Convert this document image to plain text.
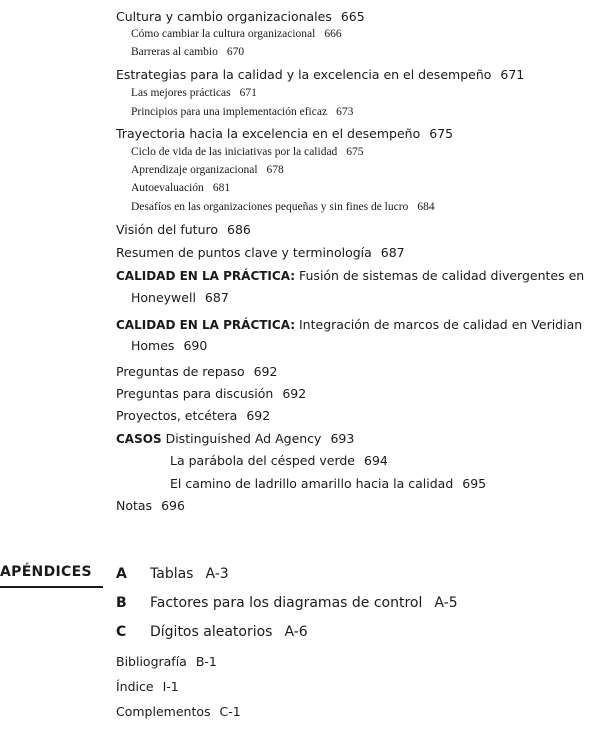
Cultura y cambio organizacionales 665
Cómo cambiar la cultura organizacional 666
Barreras al cambio 670
Estrategias para la calidad y la excelencia en el desempeño 671
Las mejores prácticas 671
Principios para una implementación eficaz 673
Trayectoria hacia la excelencia en el desempeño 675
Ciclo de vida de las iniciativas por la calidad 675
Aprendizaje organizacional 678
Autoevaluación 681
Desafíos en las organizaciones pequeñas y sin fines de lucro 684
Visión del futuro 686
Resumen de puntos clave y terminología 687
CALIDAD EN LA PRÁCTICA: Fusión de sistemas de calidad divergentes en
Honeywell 687
CALIDAD EN LA PRÁCTICA: Integración de marcos de calidad en Veridian
Homes 690
Preguntas de repaso 692
Preguntas para discusión 692
Proyectos, etcétera 692
CASOS Distinguished Ad Agency 693
La parábola del césped verde 694
El camino de ladrillo amarillo hacia la calidad 695
Notas 696
APÉNDICES A Tablas A-3
B Factores para los diagramas de control A-5
C Dígitos aleatorios A-6
Bibliografía B-1
Índice I-1
Complementos C-1
